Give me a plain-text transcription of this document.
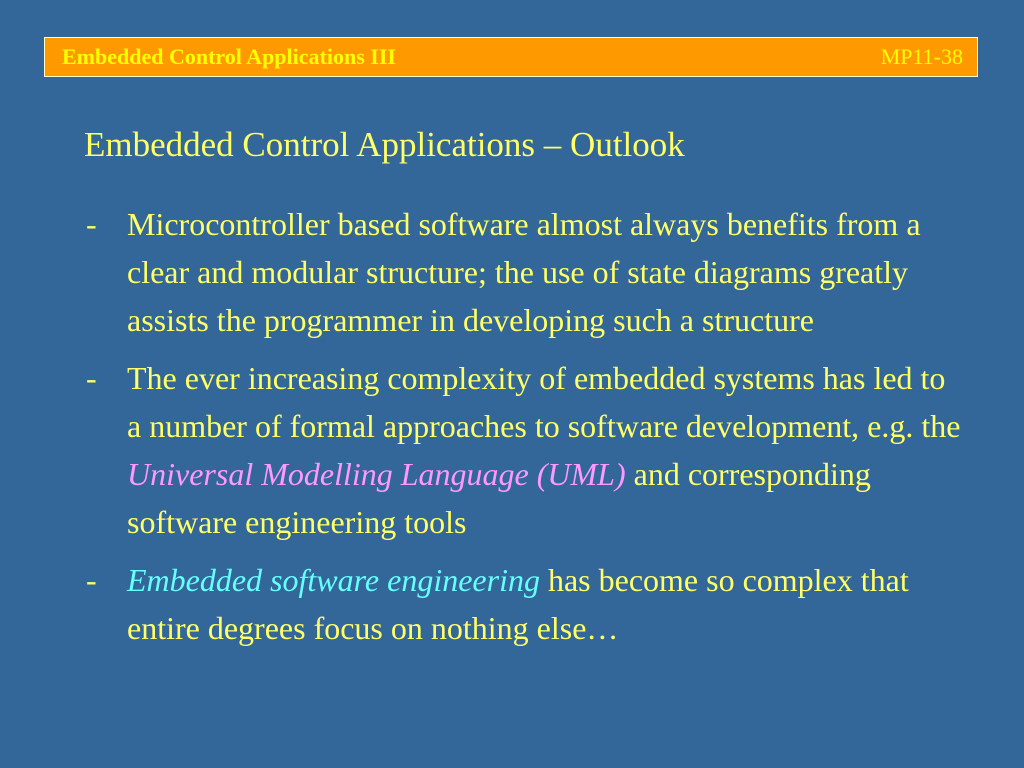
Embedded Control Applications III	MP11-38
Embedded Control Applications – Outlook
- Microcontroller based software almost always benefits from a clear and modular structure; the use of state diagrams greatly assists the programmer in developing such a structure
- The ever increasing complexity of embedded systems has led to a number of formal approaches to software development, e.g. the Universal Modelling Language (UML) and corresponding software engineering tools
- Embedded software engineering has become so complex that entire degrees focus on nothing else…
